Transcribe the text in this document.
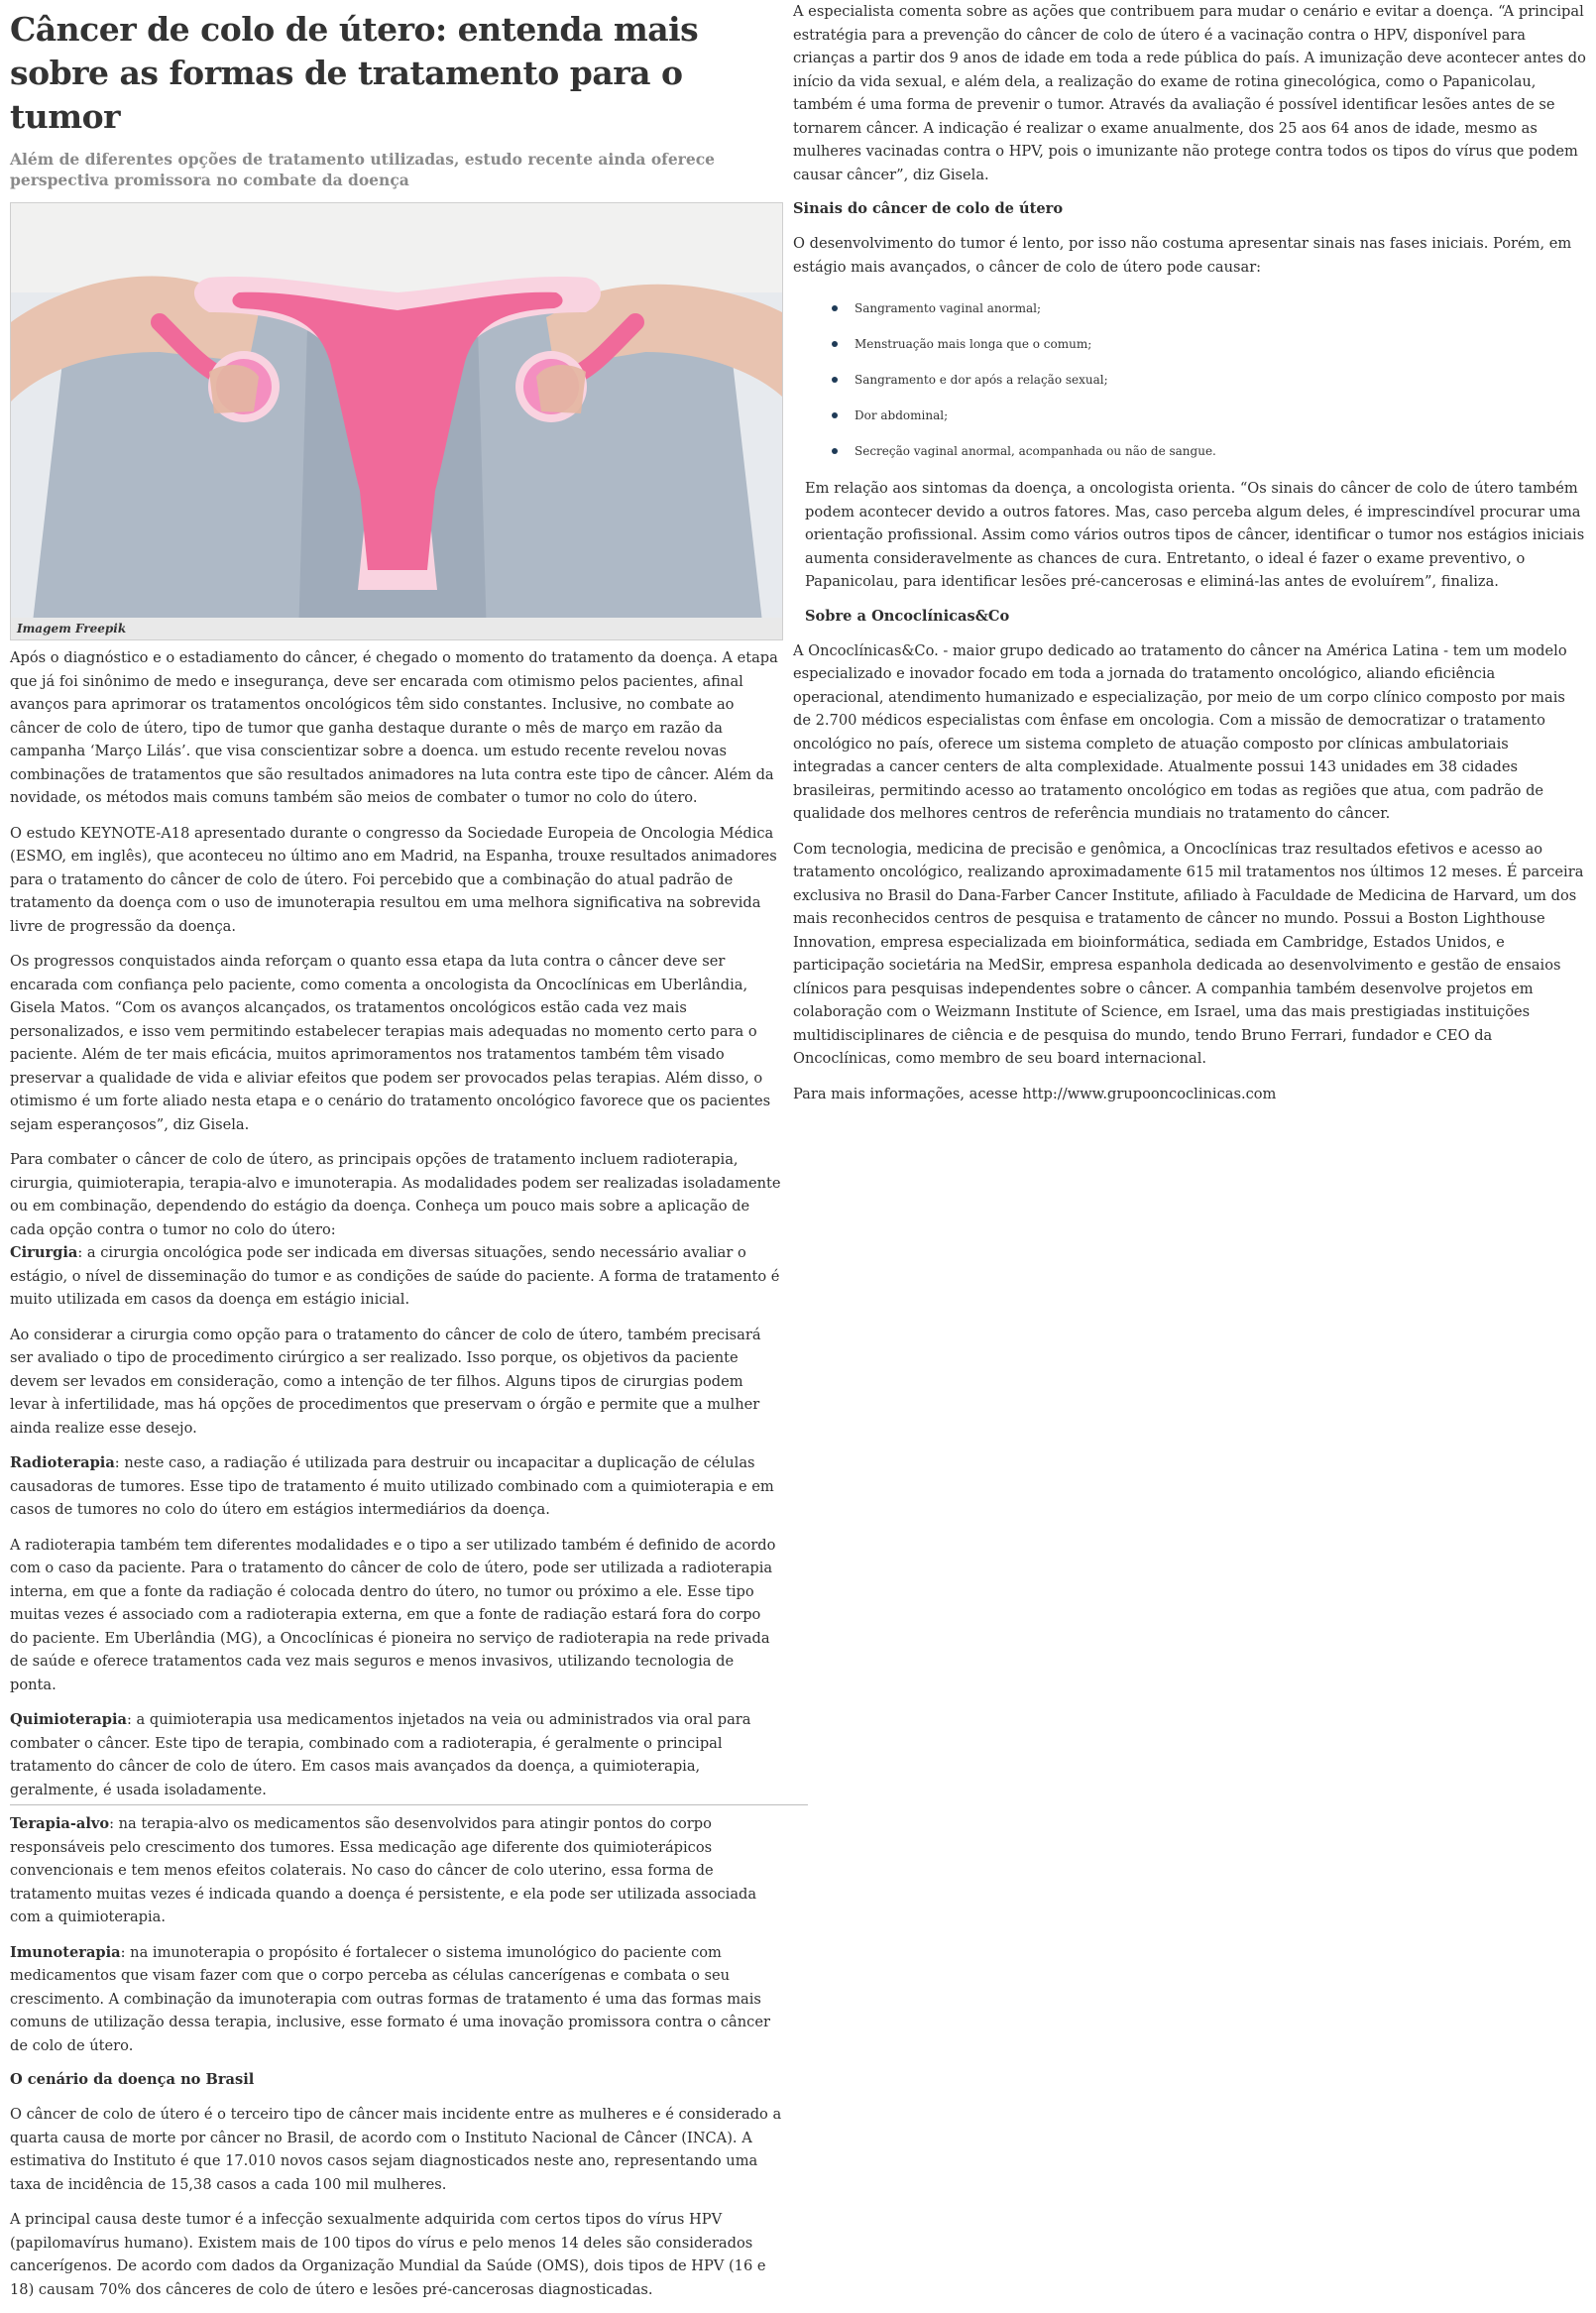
Câncer de colo de útero: entenda mais sobre as formas de tratamento para o tumor
Além de diferentes opções de tratamento utilizadas, estudo recente ainda oferece perspectiva promissora no combate da doença
Imagem Freepik

Após o diagnóstico e o estadiamento do câncer, é chegado o momento do tratamento da doença. A etapa que já foi sinônimo de medo e insegurança, deve ser encarada com otimismo pelos pacientes, afinal avanços para aprimorar os tratamentos oncológicos têm sido constantes. Inclusive, no combate ao câncer de colo de útero, tipo de tumor que ganha destaque durante o mês de março em razão da campanha ‘Março Lilás’. que visa conscientizar sobre a doenca. um estudo recente revelou novas combinações de tratamentos que são resultados animadores na luta contra este tipo de câncer. Além da novidade, os métodos mais comuns também são meios de combater o tumor no colo do útero.

O estudo KEYNOTE-A18 apresentado durante o congresso da Sociedade Europeia de Oncologia Médica (ESMO, em inglês), que aconteceu no último ano em Madrid, na Espanha, trouxe resultados animadores para o tratamento do câncer de colo de útero. Foi percebido que a combinação do atual padrão de tratamento da doença com o uso de imunoterapia resultou em uma melhora significativa na sobrevida livre de progressão da doença.

Os progressos conquistados ainda reforçam o quanto essa etapa da luta contra o câncer deve ser encarada com confiança pelo paciente, como comenta a oncologista da Oncoclínicas em Uberlândia, Gisela Matos. “Com os avanços alcançados, os tratamentos oncológicos estão cada vez mais personalizados, e isso vem permitindo estabelecer terapias mais adequadas no momento certo para o paciente. Além de ter mais eficácia, muitos aprimoramentos nos tratamentos também têm visado preservar a qualidade de vida e aliviar efeitos que podem ser provocados pelas terapias. Além disso, o otimismo é um forte aliado nesta etapa e o cenário do tratamento oncológico favorece que os pacientes sejam esperançosos”, diz Gisela.

Para combater o câncer de colo de útero, as principais opções de tratamento incluem radioterapia, cirurgia, quimioterapia, terapia-alvo e imunoterapia. As modalidades podem ser realizadas isoladamente ou em combinação, dependendo do estágio da doença. Conheça um pouco mais sobre a aplicação de cada opção contra o tumor no colo do útero:

Cirurgia: a cirurgia oncológica pode ser indicada em diversas situações, sendo necessário avaliar o estágio, o nível de disseminação do tumor e as condições de saúde do paciente. A forma de tratamento é muito utilizada em casos da doença em estágio inicial.

Ao considerar a cirurgia como opção para o tratamento do câncer de colo de útero, também precisará ser avaliado o tipo de procedimento cirúrgico a ser realizado. Isso porque, os objetivos da paciente devem ser levados em consideração, como a intenção de ter filhos. Alguns tipos de cirurgias podem levar à infertilidade, mas há opções de procedimentos que preservam o órgão e permite que a mulher ainda realize esse desejo.

Radioterapia: neste caso, a radiação é utilizada para destruir ou incapacitar a duplicação de células causadoras de tumores. Esse tipo de tratamento é muito utilizado combinado com a quimioterapia e em casos de tumores no colo do útero em estágios intermediários da doença.

A radioterapia também tem diferentes modalidades e o tipo a ser utilizado também é definido de acordo com o caso da paciente. Para o tratamento do câncer de colo de útero, pode ser utilizada a radioterapia interna, em que a fonte da radiação é colocada dentro do útero, no tumor ou próximo a ele. Esse tipo muitas vezes é associado com a radioterapia externa, em que a fonte de radiação estará fora do corpo do paciente. Em Uberlândia (MG), a Oncoclínicas é pioneira no serviço de radioterapia na rede privada de saúde e oferece tratamentos cada vez mais seguros e menos invasivos, utilizando tecnologia de ponta.

Quimioterapia: a quimioterapia usa medicamentos injetados na veia ou administrados via oral para combater o câncer. Este tipo de terapia, combinado com a radioterapia, é geralmente o principal tratamento do câncer de colo de útero. Em casos mais avançados da doença, a quimioterapia, geralmente, é usada isoladamente.

Terapia-alvo: na terapia-alvo os medicamentos são desenvolvidos para atingir pontos do corpo responsáveis pelo crescimento dos tumores. Essa medicação age diferente dos quimioterápicos convencionais e tem menos efeitos colaterais. No caso do câncer de colo uterino, essa forma de tratamento muitas vezes é indicada quando a doença é persistente, e ela pode ser utilizada associada com a quimioterapia.

Imunoterapia: na imunoterapia o propósito é fortalecer o sistema imunológico do paciente com medicamentos que visam fazer com que o corpo perceba as células cancerígenas e combata o seu crescimento. A combinação da imunoterapia com outras formas de tratamento é uma das formas mais comuns de utilização dessa terapia, inclusive, esse formato é uma inovação promissora contra o câncer de colo de útero.

O cenário da doença no Brasil

O câncer de colo de útero é o terceiro tipo de câncer mais incidente entre as mulheres e é considerado a quarta causa de morte por câncer no Brasil, de acordo com o Instituto Nacional de Câncer (INCA). A estimativa do Instituto é que 17.010 novos casos sejam diagnosticados neste ano, representando uma taxa de incidência de 15,38 casos a cada 100 mil mulheres.

A principal causa deste tumor é a infecção sexualmente adquirida com certos tipos do vírus HPV (papilomavírus humano). Existem mais de 100 tipos do vírus e pelo menos 14 deles são considerados cancerígenos. De acordo com dados da Organização Mundial da Saúde (OMS), dois tipos de HPV (16 e 18) causam 70% dos cânceres de colo de útero e lesões pré-cancerosas diagnosticadas.

A especialista comenta sobre as ações que contribuem para mudar o cenário e evitar a doença. “A principal estratégia para a prevenção do câncer de colo de útero é a vacinação contra o HPV, disponível para crianças a partir dos 9 anos de idade em toda a rede pública do país. A imunização deve acontecer antes do início da vida sexual, e além dela, a realização do exame de rotina ginecológica, como o Papanicolau, também é uma forma de prevenir o tumor. Através da avaliação é possível identificar lesões antes de se tornarem câncer. A indicação é realizar o exame anualmente, dos 25 aos 64 anos de idade, mesmo as mulheres vacinadas contra o HPV, pois o imunizante não protege contra todos os tipos do vírus que podem causar câncer”, diz Gisela.

Sinais do câncer de colo de útero

O desenvolvimento do tumor é lento, por isso não costuma apresentar sinais nas fases iniciais. Porém, em estágio mais avançados, o câncer de colo de útero pode causar:

Sangramento vaginal anormal;
Menstruação mais longa que o comum;
Sangramento e dor após a relação sexual;
Dor abdominal;
Secreção vaginal anormal, acompanhada ou não de sangue.

Em relação aos sintomas da doença, a oncologista orienta. “Os sinais do câncer de colo de útero também podem acontecer devido a outros fatores. Mas, caso perceba algum deles, é imprescindível procurar uma orientação profissional. Assim como vários outros tipos de câncer, identificar o tumor nos estágios iniciais aumenta consideravelmente as chances de cura. Entretanto, o ideal é fazer o exame preventivo, o Papanicolau, para identificar lesões pré-cancerosas e eliminá-las antes de evoluírem”, finaliza.

Sobre a Oncoclínicas&Co

A Oncoclínicas&Co. - maior grupo dedicado ao tratamento do câncer na América Latina - tem um modelo especializado e inovador focado em toda a jornada do tratamento oncológico, aliando eficiência operacional, atendimento humanizado e especialização, por meio de um corpo clínico composto por mais de 2.700 médicos especialistas com ênfase em oncologia. Com a missão de democratizar o tratamento oncológico no país, oferece um sistema completo de atuação composto por clínicas ambulatoriais integradas a cancer centers de alta complexidade. Atualmente possui 143 unidades em 38 cidades brasileiras, permitindo acesso ao tratamento oncológico em todas as regiões que atua, com padrão de qualidade dos melhores centros de referência mundiais no tratamento do câncer.

Com tecnologia, medicina de precisão e genômica, a Oncoclínicas traz resultados efetivos e acesso ao tratamento oncológico, realizando aproximadamente 615 mil tratamentos nos últimos 12 meses. É parceira exclusiva no Brasil do Dana-Farber Cancer Institute, afiliado à Faculdade de Medicina de Harvard, um dos mais reconhecidos centros de pesquisa e tratamento de câncer no mundo. Possui a Boston Lighthouse Innovation, empresa especializada em bioinformática, sediada em Cambridge, Estados Unidos, e participação societária na MedSir, empresa espanhola dedicada ao desenvolvimento e gestão de ensaios clínicos para pesquisas independentes sobre o câncer. A companhia também desenvolve projetos em colaboração com o Weizmann Institute of Science, em Israel, uma das mais prestigiadas instituições multidisciplinares de ciência e de pesquisa do mundo, tendo Bruno Ferrari, fundador e CEO da Oncoclínicas, como membro de seu board internacional.

Para mais informações, acesse http://www.grupooncoclinicas.com
